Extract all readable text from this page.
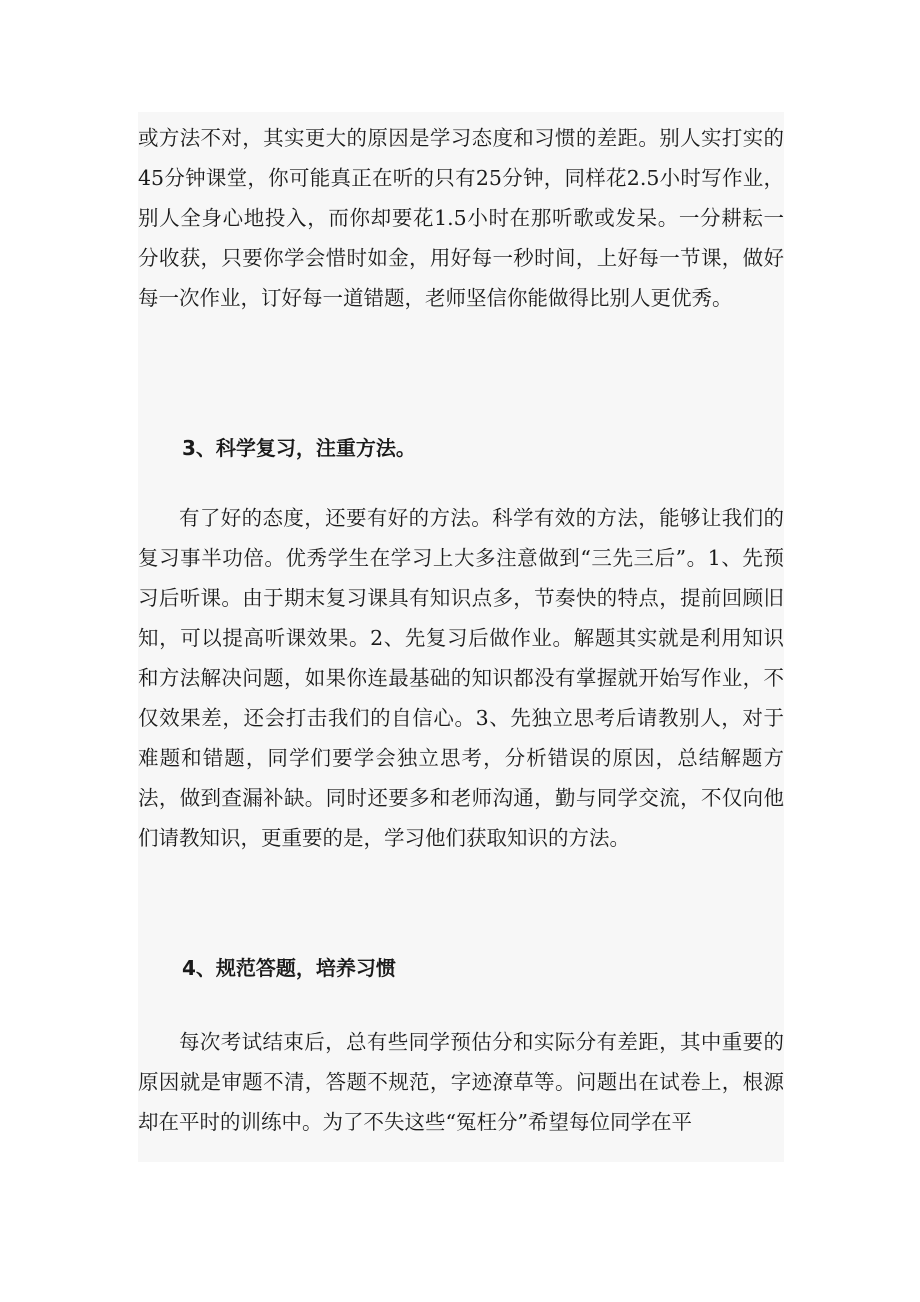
或方法不对，其实更大的原因是学习态度和习惯的差距。别人实打实的45分钟课堂，你可能真正在听的只有25分钟，同样花2.5小时写作业，别人全身心地投入，而你却要花1.5小时在那听歌或发呆。一分耕耘一分收获，只要你学会惜时如金，用好每一秒时间，上好每一节课，做好每一次作业，订好每一道错题，老师坚信你能做得比别人更优秀。

3、科学复习，注重方法。

有了好的态度，还要有好的方法。科学有效的方法，能够让我们的复习事半功倍。优秀学生在学习上大多注意做到“三先三后”。1、先预习后听课。由于期末复习课具有知识点多，节奏快的特点，提前回顾旧知，可以提高听课效果。2、先复习后做作业。解题其实就是利用知识和方法解决问题，如果你连最基础的知识都没有掌握就开始写作业，不仅效果差，还会打击我们的自信心。3、先独立思考后请教别人，对于难题和错题，同学们要学会独立思考，分析错误的原因，总结解题方法，做到查漏补缺。同时还要多和老师沟通，勤与同学交流，不仅向他们请教知识，更重要的是，学习他们获取知识的方法。

4、规范答题，培养习惯

每次考试结束后，总有些同学预估分和实际分有差距，其中重要的原因就是审题不清，答题不规范，字迹潦草等。问题出在试卷上，根源却在平时的训练中。为了不失这些“冤枉分”希望每位同学在平
